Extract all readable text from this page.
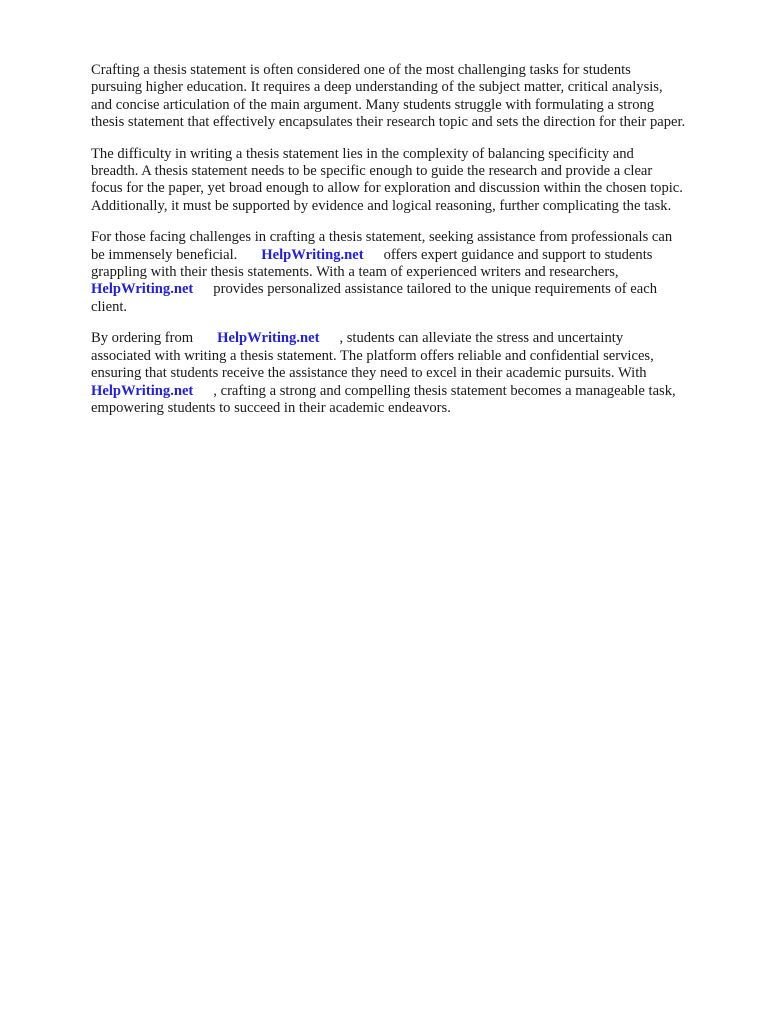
Crafting a thesis statement is often considered one of the most challenging tasks for students
pursuing higher education. It requires a deep understanding of the subject matter, critical analysis,
and concise articulation of the main argument. Many students struggle with formulating a strong
thesis statement that effectively encapsulates their research topic and sets the direction for their paper.

The difficulty in writing a thesis statement lies in the complexity of balancing specificity and
breadth. A thesis statement needs to be specific enough to guide the research and provide a clear
focus for the paper, yet broad enough to allow for exploration and discussion within the chosen topic.
Additionally, it must be supported by evidence and logical reasoning, further complicating the task.

For those facing challenges in crafting a thesis statement, seeking assistance from professionals can
be immensely beneficial. HelpWriting.net offers expert guidance and support to students
grappling with their thesis statements. With a team of experienced writers and researchers,
HelpWriting.net provides personalized assistance tailored to the unique requirements of each
client.

By ordering from HelpWriting.net , students can alleviate the stress and uncertainty
associated with writing a thesis statement. The platform offers reliable and confidential services,
ensuring that students receive the assistance they need to excel in their academic pursuits. With
HelpWriting.net , crafting a strong and compelling thesis statement becomes a manageable task,
empowering students to succeed in their academic endeavors.
